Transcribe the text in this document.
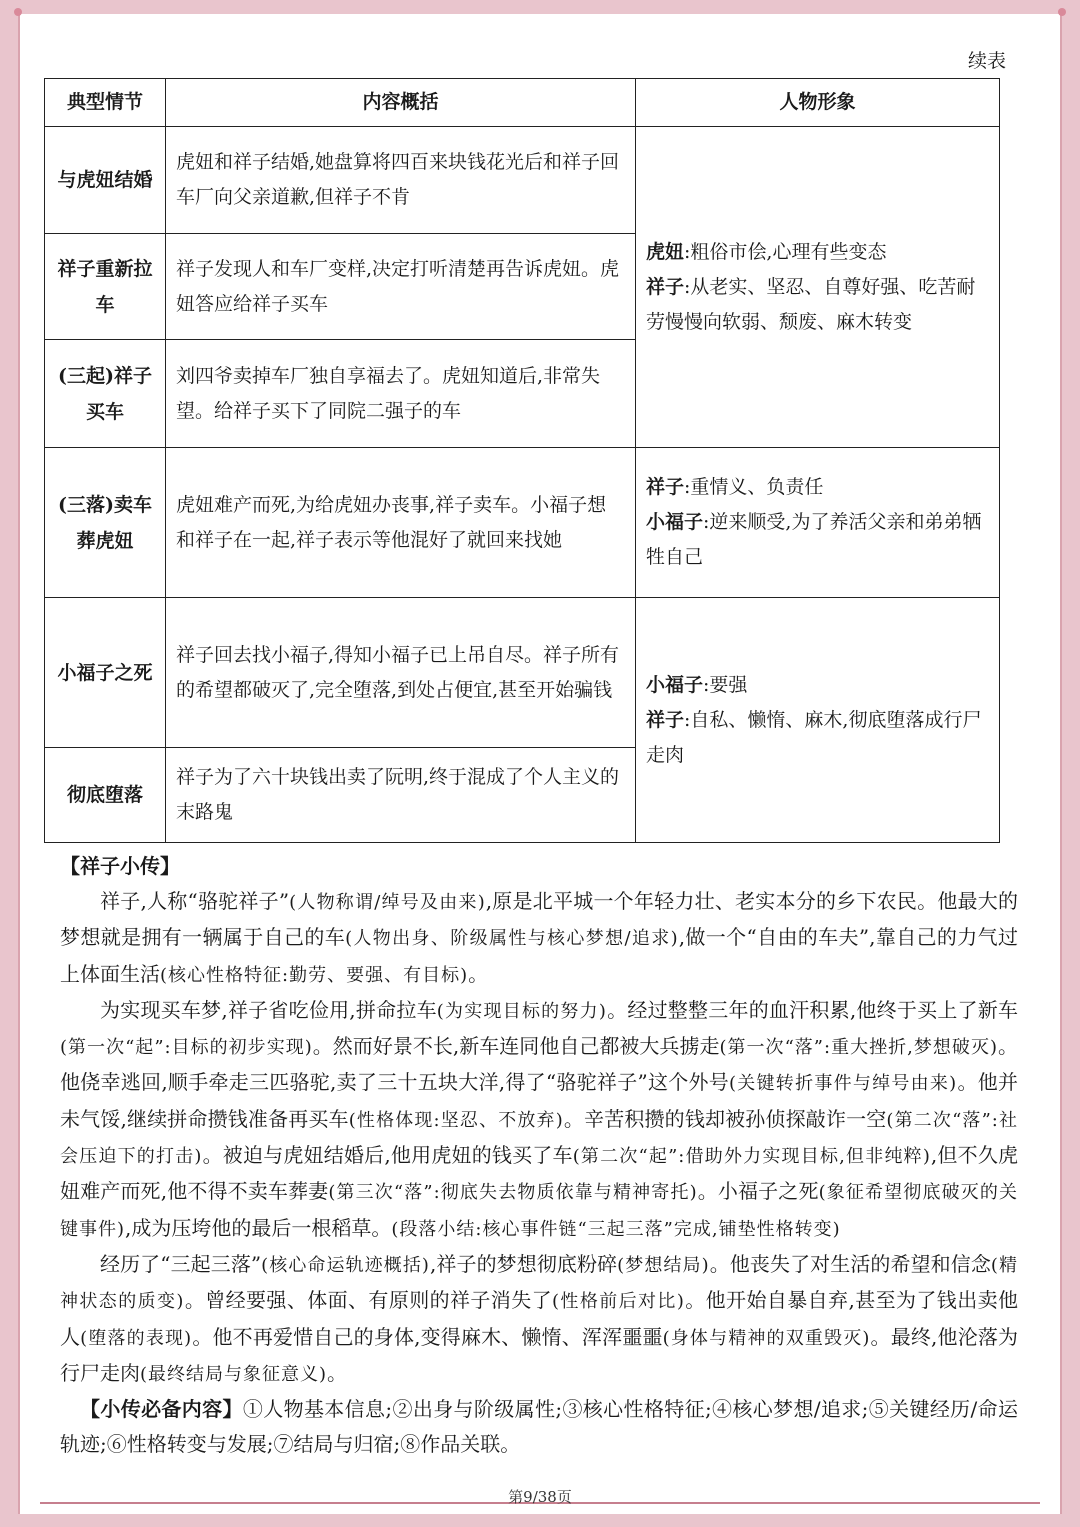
续表
典型情节	内容概括	人物形象
与虎妞结婚	虎妞和祥子结婚,她盘算将四百来块钱花光后和祥子回车厂向父亲道歉,但祥子不肯	虎妞:粗俗市侩,心理有些变态
祥子:从老实、坚忍、自尊好强、吃苦耐劳慢慢向软弱、颓废、麻木转变

祥子重新拉车	祥子发现人和车厂变样,决定打听清楚再告诉虎妞。虎妞答应给祥子买车	
(三起)祥子买车	刘四爷卖掉车厂独自享福去了。虎妞知道后,非常失望。给祥子买下了同院二强子的车	
(三落)卖车葬虎妞	虎妞难产而死,为给虎妞办丧事,祥子卖车。小福子想和祥子在一起,祥子表示等他混好了就回来找她	祥子:重情义、负责任
小福子:逆来顺受,为了养活父亲和弟弟牺牲自己

小福子之死	祥子回去找小福子,得知小福子已上吊自尽。祥子所有的希望都破灭了,完全堕落,到处占便宜,甚至开始骗钱	小福子:要强
祥子:自私、懒惰、麻木,彻底堕落成行尸走肉

彻底堕落	祥子为了六十块钱出卖了阮明,终于混成了个人主义的末路鬼	
【祥子小传】

祥子,人称“骆驼祥子”(人物称谓/绰号及由来),原是北平城一个年轻力壮、老实本分的乡下农民。他最大的梦想就是拥有一辆属于自己的车(人物出身、阶级属性与核心梦想/追求),做一个“自由的车夫”,靠自己的力气过上体面生活(核心性格特征:勤劳、要强、有目标)。

为实现买车梦,祥子省吃俭用,拼命拉车(为实现目标的努力)。经过整整三年的血汗积累,他终于买上了新车(第一次“起”:目标的初步实现)。然而好景不长,新车连同他自己都被大兵掳走(第一次“落”:重大挫折,梦想破灭)。他侥幸逃回,顺手牵走三匹骆驼,卖了三十五块大洋,得了“骆驼祥子”这个外号(关键转折事件与绰号由来)。他并未气馁,继续拼命攒钱准备再买车(性格体现:坚忍、不放弃)。辛苦积攒的钱却被孙侦探敲诈一空(第二次“落”:社会压迫下的打击)。被迫与虎妞结婚后,他用虎妞的钱买了车(第二次“起”:借助外力实现目标,但非纯粹),但不久虎妞难产而死,他不得不卖车葬妻(第三次“落”:彻底失去物质依靠与精神寄托)。小福子之死(象征希望彻底破灭的关键事件),成为压垮他的最后一根稻草。(段落小结:核心事件链“三起三落”完成,铺垫性格转变)

经历了“三起三落”(核心命运轨迹概括),祥子的梦想彻底粉碎(梦想结局)。他丧失了对生活的希望和信念(精神状态的质变)。曾经要强、体面、有原则的祥子消失了(性格前后对比)。他开始自暴自弃,甚至为了钱出卖他人(堕落的表现)。他不再爱惜自己的身体,变得麻木、懒惰、浑浑噩噩(身体与精神的双重毁灭)。最终,他沦落为行尸走肉(最终结局与象征意义)。

【小传必备内容】①人物基本信息;②出身与阶级属性;③核心性格特征;④核心梦想/追求;⑤关键经历/命运轨迹;⑥性格转变与发展;⑦结局与归宿;⑧作品关联。

第9/38页
